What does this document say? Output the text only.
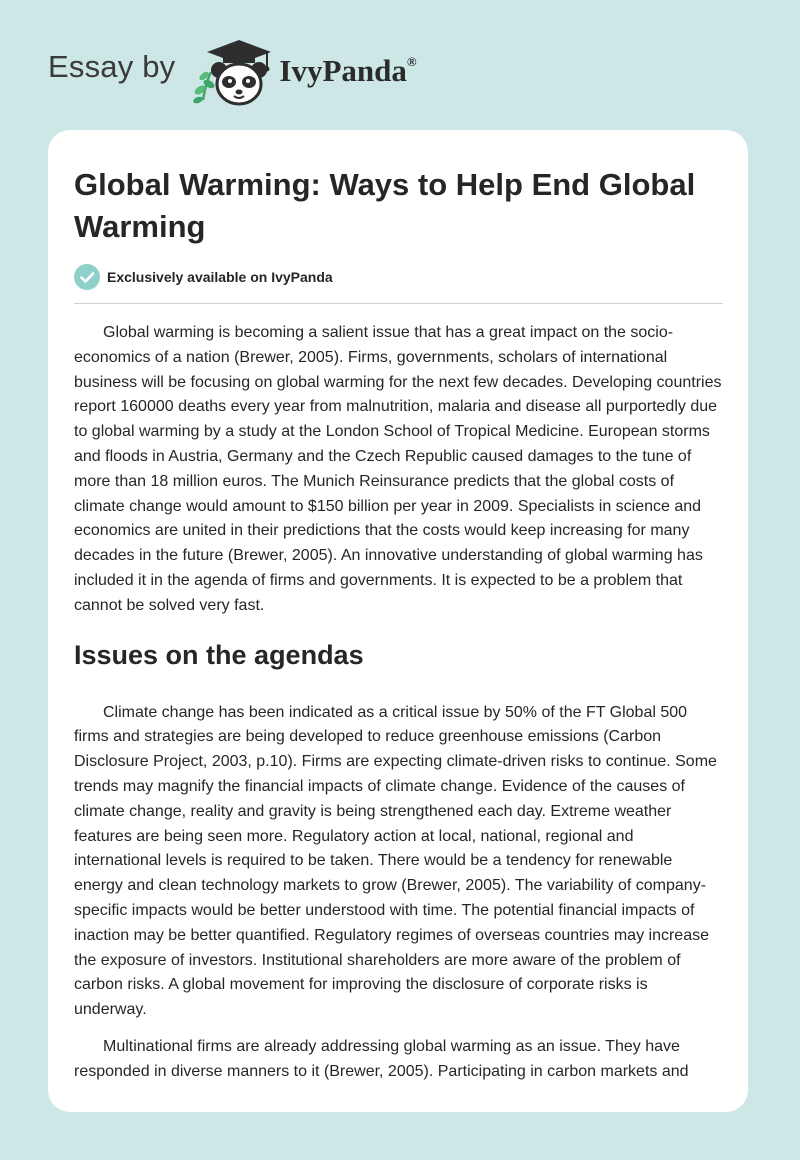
Essay by	IvyPanda®
Global Warming: Ways to Help End Global Warming
Exclusively available on IvyPanda

Global warming is becoming a salient issue that has a great impact on the socio-economics of a nation (Brewer, 2005). Firms, governments, scholars of international business will be focusing on global warming for the next few decades. Developing countries report 160000 deaths every year from malnutrition, malaria and disease all purportedly due to global warming by a study at the London School of Tropical Medicine. European storms and floods in Austria, Germany and the Czech Republic caused damages to the tune of more than 18 million euros. The Munich Reinsurance predicts that the global costs of climate change would amount to $150 billion per year in 2009. Specialists in science and economics are united in their predictions that the costs would keep increasing for many decades in the future (Brewer, 2005). An innovative understanding of global warming has included it in the agenda of firms and governments. It is expected to be a problem that cannot be solved very fast.

Issues on the agendas

Climate change has been indicated as a critical issue by 50% of the FT Global 500 firms and strategies are being developed to reduce greenhouse emissions (Carbon Disclosure Project, 2003, p.10). Firms are expecting climate-driven risks to continue. Some trends may magnify the financial impacts of climate change. Evidence of the causes of climate change, reality and gravity is being strengthened each day. Extreme weather features are being seen more. Regulatory action at local, national, regional and international levels is required to be taken. There would be a tendency for renewable energy and clean technology markets to grow (Brewer, 2005). The variability of company-specific impacts would be better understood with time. The potential financial impacts of inaction may be better quantified. Regulatory regimes of overseas countries may increase the exposure of investors. Institutional shareholders are more aware of the problem of carbon risks. A global movement for improving the disclosure of corporate risks is underway.

Multinational firms are already addressing global warming as an issue. They have responded in diverse manners to it (Brewer, 2005). Participating in carbon markets and
